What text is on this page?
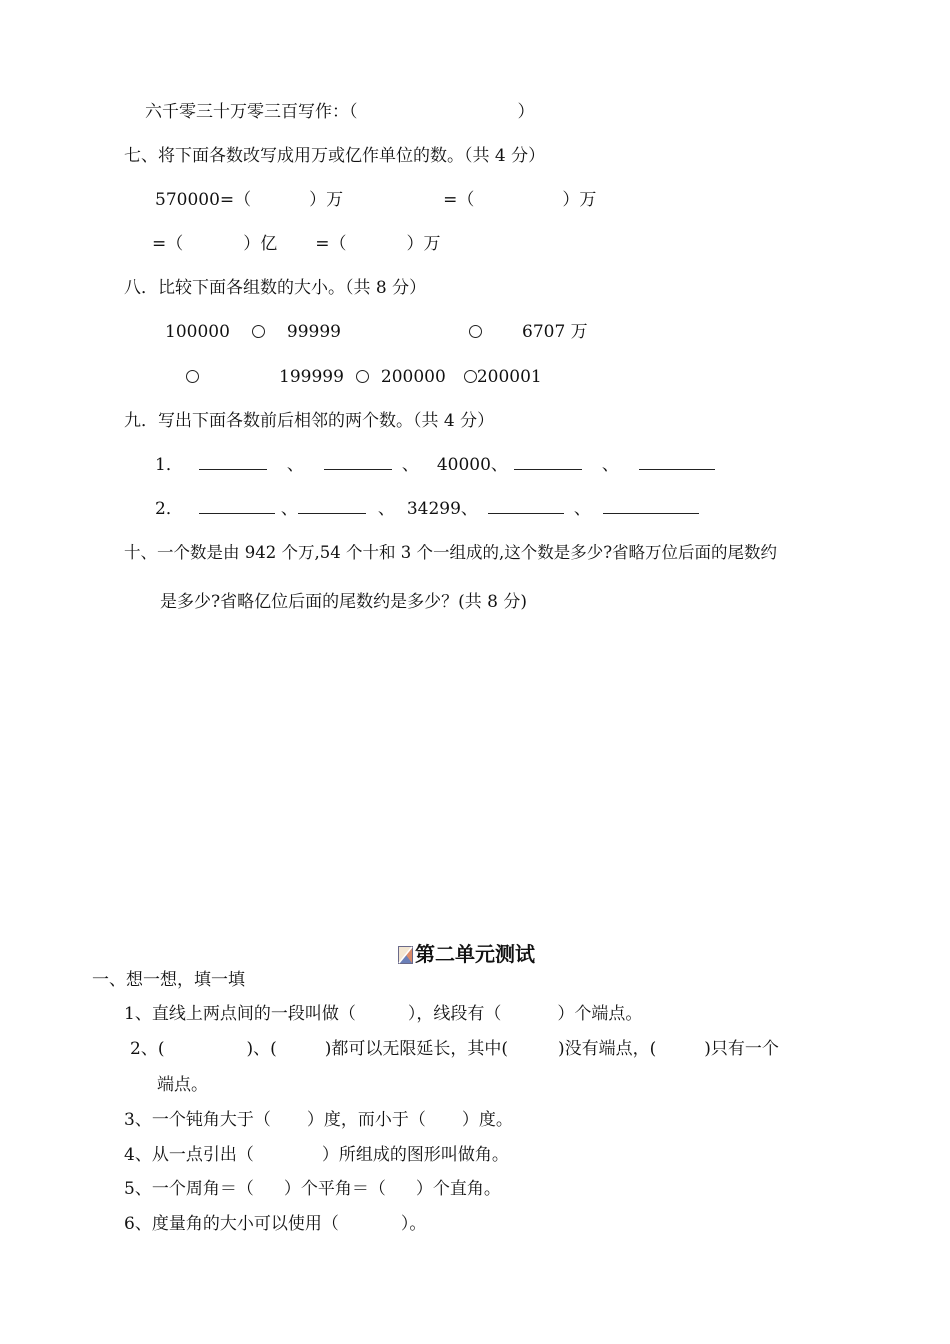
六千零三十万零三百写作：（	）
七、将下面各数改写成用万或亿作单位的数。（共 4 分）
570000=（	）万	=（	）万
=（	）亿 =（	）万
八．比较下面各组数的大小。（共 8 分）
100000	99999	6707 万
199999 200000 200001
九．写出下面各数前后相邻的两个数。（共 4 分）
1．	、	、 40000、	、
2．	、	、 34299、	、
十、一个数是由 942 个万,54 个十和 3 个一组成的,这个数是多少?省略万位后面的尾数约
是多少?省略亿位后面的尾数约是多少？(共 8 分)
第二单元测试
一、想一想，填一填
1、直线上两点间的一段叫做（	），线段有（	）个端点。
2、(	)、(	)都可以无限延长，其中(	)没有端点，(	)只有一个
端点。
3、一个钝角大于（ ）度，而小于（ ）度。
4、从一点引出（	）所组成的图形叫做角。
5、一个周角＝（ ）个平角＝（ ）个直角。
6、度量角的大小可以使用（	）。
